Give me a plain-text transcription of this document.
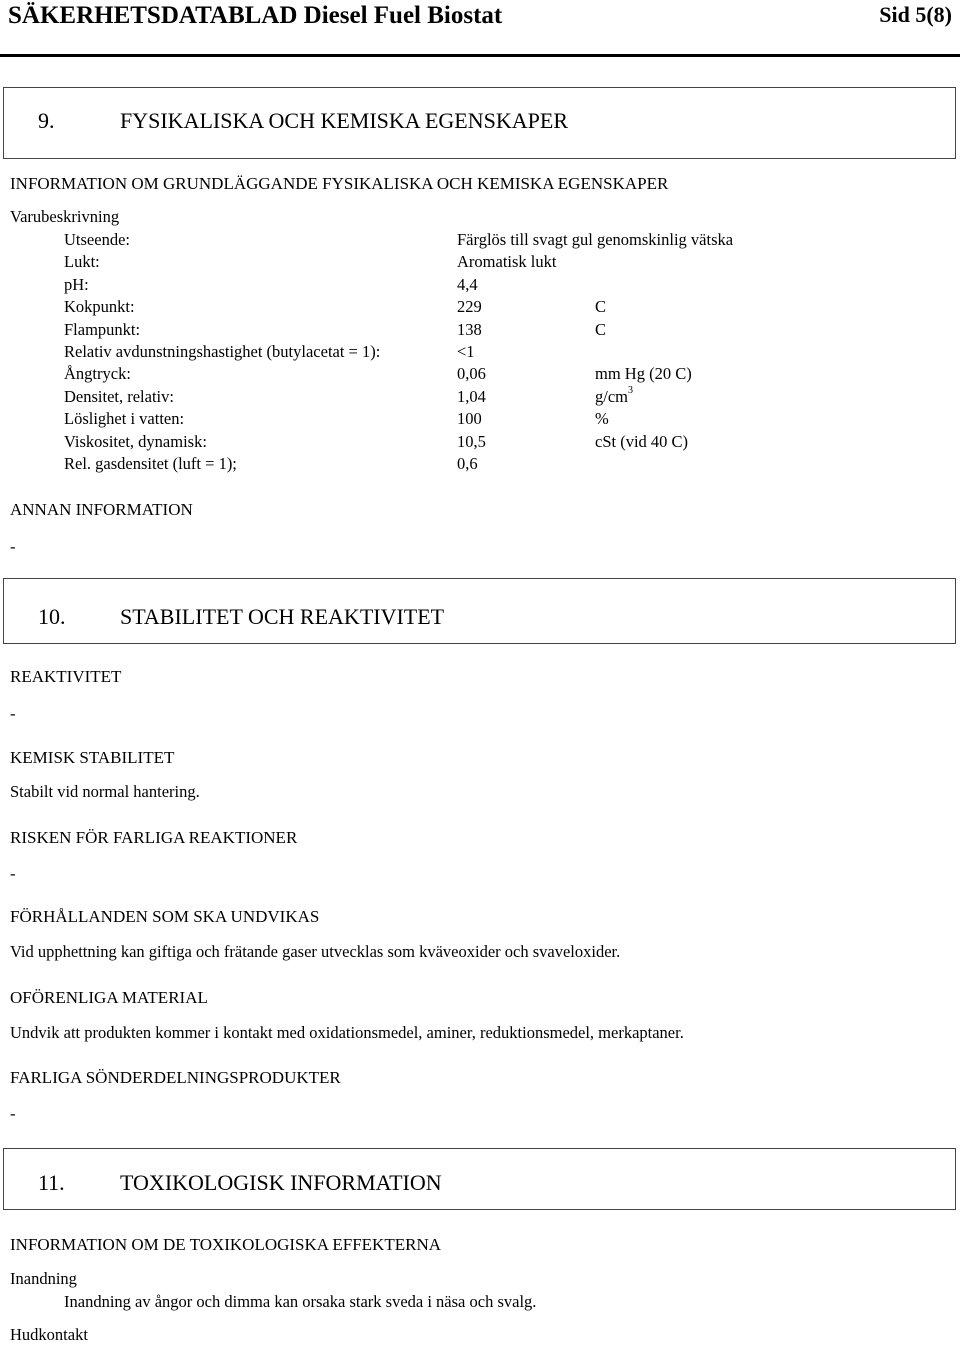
SÄKERHETSDATABLAD Diesel Fuel Biostat	Sid 5(8)
9.	FYSIKALISKA OCH KEMISKA EGENSKAPER
INFORMATION OM GRUNDLÄGGANDE FYSIKALISKA OCH KEMISKA EGENSKAPER
Varubeskrivning
Utseende:	Färglös till svagt gul genomskinlig vätska
Lukt:	Aromatisk lukt
pH:	4,4
Kokpunkt:	229	C
Flampunkt:	138	C
Relativ avdunstningshastighet (butylacetat = 1):	<1
Ångtryck:	0,06	mm Hg (20 C)
Densitet, relativ:	1,04	$g/cm^3$
Löslighet i vatten:	100	%
Viskositet, dynamisk:	10,5	cSt (vid 40 C)
Rel. gasdensitet (luft = 1);	0,6
ANNAN INFORMATION
-
10. STABILITET OCH REAKTIVITET
REAKTIVITET
-
KEMISK STABILITET
Stabilt vid normal hantering.
RISKEN FÖR FARLIGA REAKTIONER
-
FÖRHÅLLANDEN SOM SKA UNDVIKAS
Vid upphettning kan giftiga och frätande gaser utvecklas som kväveoxider och svaveloxider.
OFÖRENLIGA MATERIAL
Undvik att produkten kommer i kontakt med oxidationsmedel, aminer, reduktionsmedel, merkaptaner.
FARLIGA SÖNDERDELNINGSPRODUKTER
-
11.	TOXIKOLOGISK INFORMATION
INFORMATION OM DE TOXIKOLOGISKA EFFEKTERNA
Inandning
Inandning av ångor och dimma kan orsaka stark sveda i näsa och svalg.
Hudkontakt
